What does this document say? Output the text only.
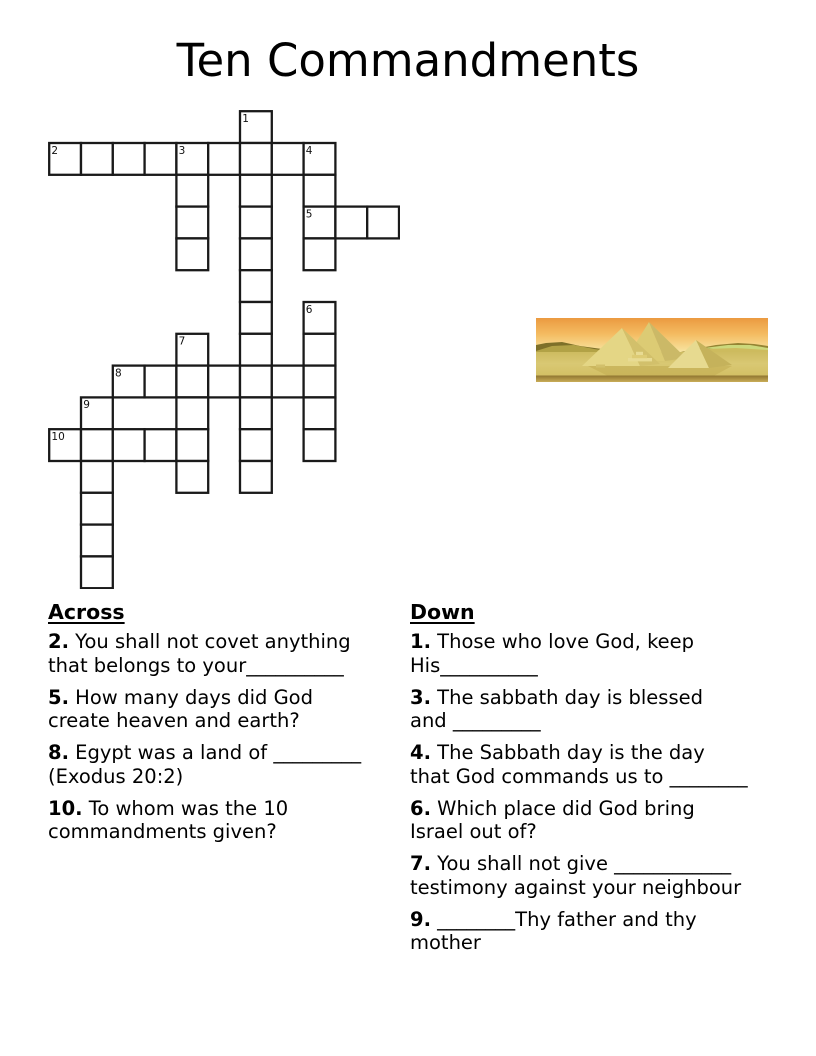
Ten Commandments
1
2	3	4
5
6
7
8
9
10
Across

2. You shall not covet anything
that belongs to your__________

5. How many days did God
create heaven and earth?

8. Egypt was a land of _________
(Exodus 20:2)

10. To whom was the 10
commandments given?

Down

1. Those who love God, keep
His__________

3. The sabbath day is blessed
and _________

4. The Sabbath day is the day
that God commands us to ________

6. Which place did God bring
Israel out of?

7. You shall not give ____________
testimony against your neighbour

9. ________Thy father and thy
mother
